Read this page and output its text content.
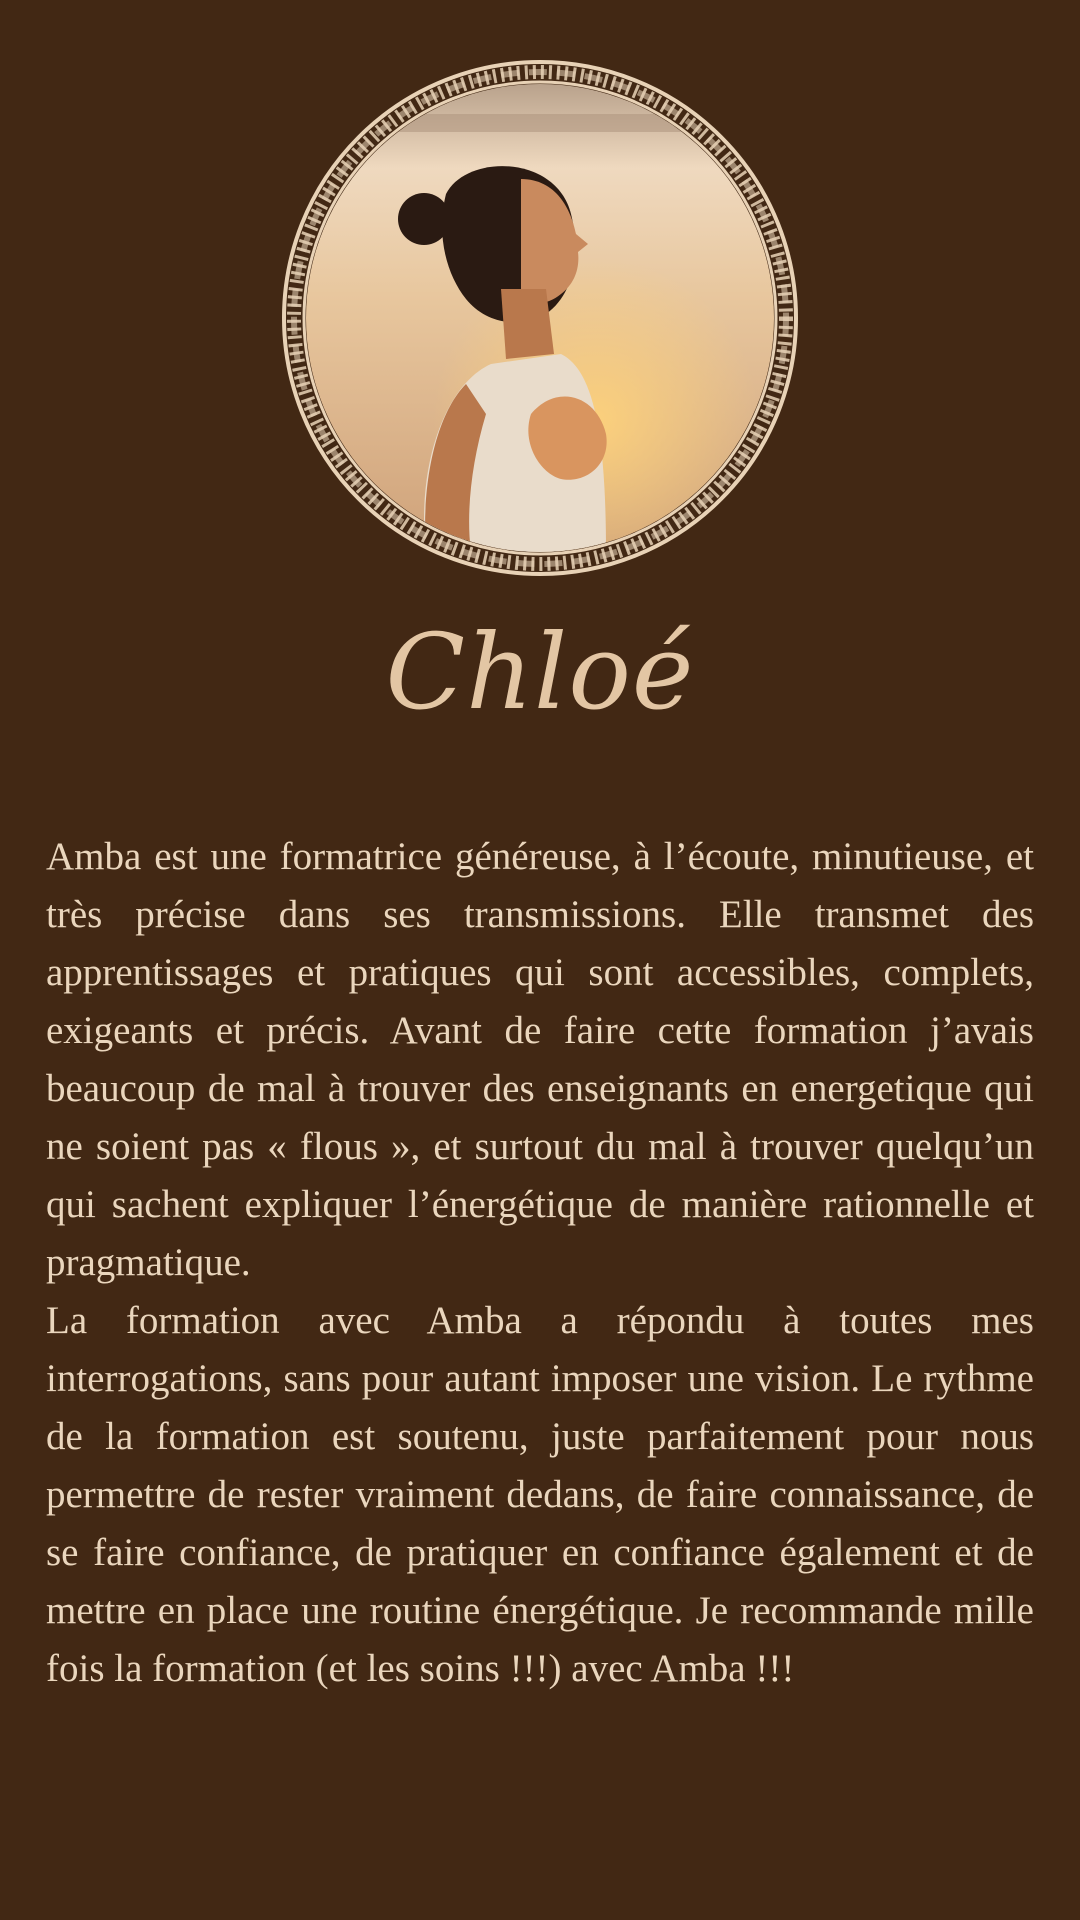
Chloé

Amba est une formatrice généreuse, à l’écoute, minutieuse, et très précise dans ses transmissions. Elle transmet des apprentissages et pratiques qui sont accessibles, complets, exigeants et précis. Avant de faire cette formation j’avais beaucoup de mal à trouver des enseignants en energetique qui ne soient pas « flous », et surtout du mal à trouver quelqu’un qui sachent expliquer l’énergétique de manière rationnelle et pragmatique.

La formation avec Amba a répondu à toutes mes interrogations, sans pour autant imposer une vision. Le rythme de la formation est soutenu, juste parfaitement pour nous permettre de rester vraiment dedans, de faire connaissance, de se faire confiance, de pratiquer en confiance également et de mettre en place une routine énergétique. Je recommande mille fois la formation (et les soins !!!) avec Amba !!!
